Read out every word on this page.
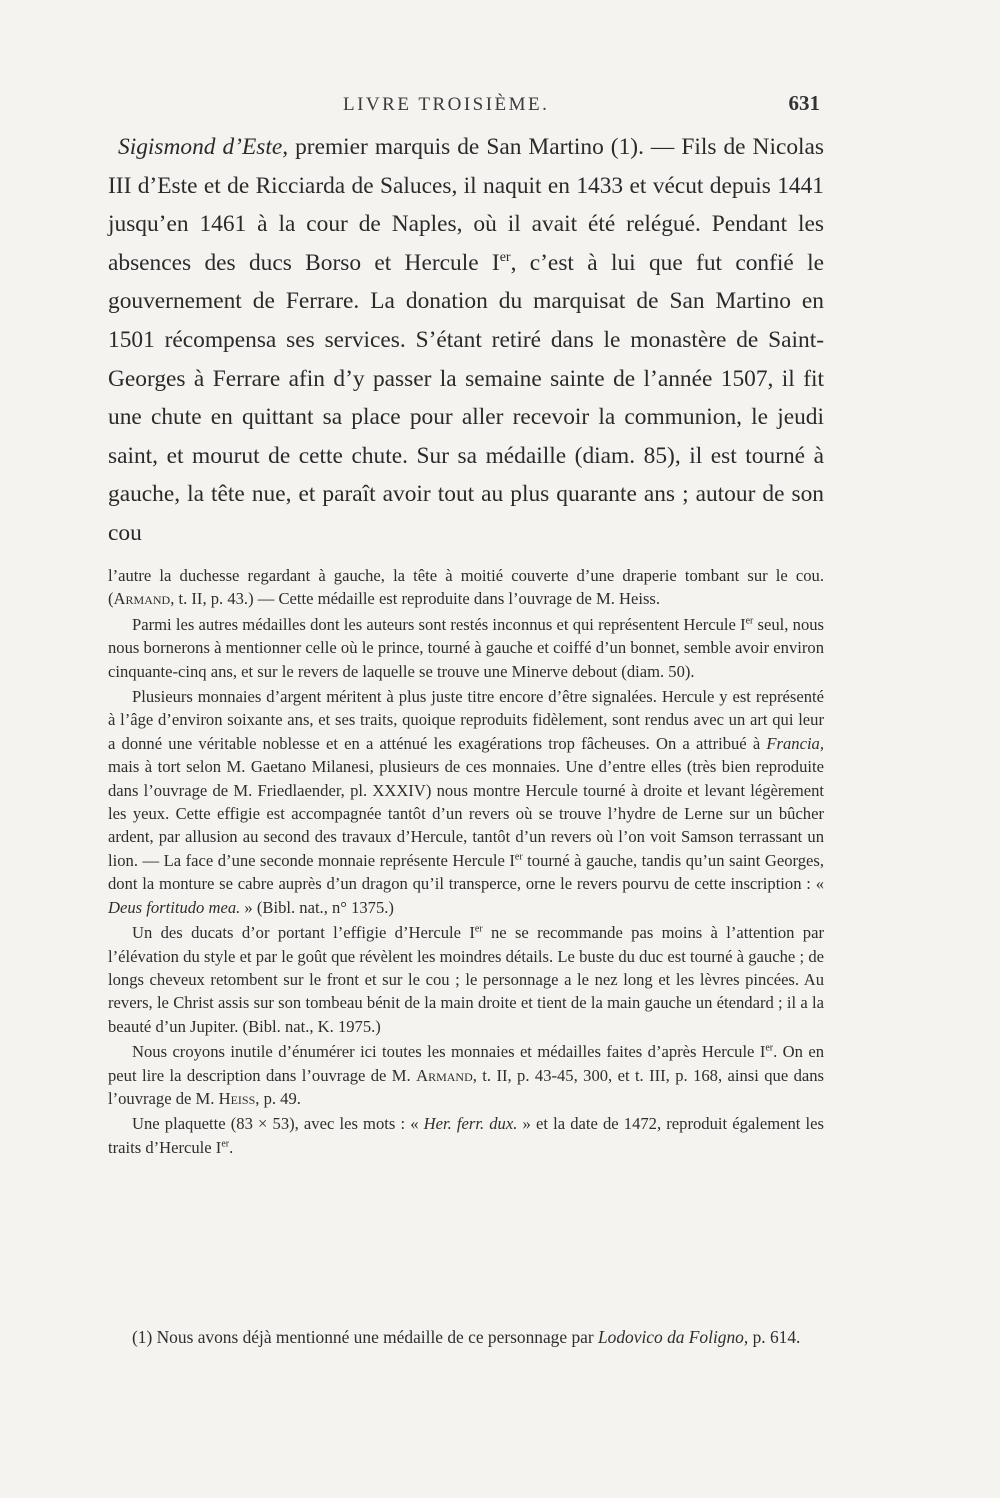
LIVRE TROISIÈME.	631

Sigismond d’Este, premier marquis de San Martino (1). — Fils de Nicolas III d’Este et de Ricciarda de Saluces, il naquit en 1433 et vécut depuis 1441 jusqu’en 1461 à la cour de Naples, où il avait été relégué. Pendant les absences des ducs Borso et Hercule Ier, c’est à lui que fut confié le gouvernement de Ferrare. La donation du marquisat de San Martino en 1501 récompensa ses services. S’étant retiré dans le monastère de Saint-Georges à Ferrare afin d’y passer la semaine sainte de l’année 1507, il fit une chute en quittant sa place pour aller recevoir la communion, le jeudi saint, et mourut de cette chute. Sur sa médaille (diam. 85), il est tourné à gauche, la tête nue, et paraît avoir tout au plus quarante ans ; autour de son cou

l’autre la duchesse regardant à gauche, la tête à moitié couverte d’une draperie tombant sur le cou. (Armand, t. II, p. 43.) — Cette médaille est reproduite dans l’ouvrage de M. Heiss.

Parmi les autres médailles dont les auteurs sont restés inconnus et qui représentent Hercule Ier seul, nous nous bornerons à mentionner celle où le prince, tourné à gauche et coiffé d’un bonnet, semble avoir environ cinquante-cinq ans, et sur le revers de laquelle se trouve une Minerve debout (diam. 50).

Plusieurs monnaies d’argent méritent à plus juste titre encore d’être signalées. Hercule y est représenté à l’âge d’environ soixante ans, et ses traits, quoique reproduits fidèlement, sont rendus avec un art qui leur a donné une véritable noblesse et en a atténué les exagérations trop fâcheuses. On a attribué à Francia, mais à tort selon M. Gaetano Milanesi, plusieurs de ces monnaies. Une d’entre elles (très bien reproduite dans l’ouvrage de M. Friedlaender, pl. XXXIV) nous montre Hercule tourné à droite et levant légèrement les yeux. Cette effigie est accompagnée tantôt d’un revers où se trouve l’hydre de Lerne sur un bûcher ardent, par allusion au second des travaux d’Hercule, tantôt d’un revers où l’on voit Samson terrassant un lion. — La face d’une seconde monnaie représente Hercule Ier tourné à gauche, tandis qu’un saint Georges, dont la monture se cabre auprès d’un dragon qu’il transperce, orne le revers pourvu de cette inscription : « Deus fortitudo mea. » (Bibl. nat., n° 1375.)

Un des ducats d’or portant l’effigie d’Hercule Ier ne se recommande pas moins à l’attention par l’élévation du style et par le goût que révèlent les moindres détails. Le buste du duc est tourné à gauche ; de longs cheveux retombent sur le front et sur le cou ; le personnage a le nez long et les lèvres pincées. Au revers, le Christ assis sur son tombeau bénit de la main droite et tient de la main gauche un étendard ; il a la beauté d’un Jupiter. (Bibl. nat., K. 1975.)

Nous croyons inutile d’énumérer ici toutes les monnaies et médailles faites d’après Hercule Ier. On en peut lire la description dans l’ouvrage de M. Armand, t. II, p. 43-45, 300, et t. III, p. 168, ainsi que dans l’ouvrage de M. Heiss, p. 49.

Une plaquette (83 × 53), avec les mots : « Her. ferr. dux. » et la date de 1472, reproduit également les traits d’Hercule Ier.

(1) Nous avons déjà mentionné une médaille de ce personnage par Lodovico da Foligno, p. 614.
